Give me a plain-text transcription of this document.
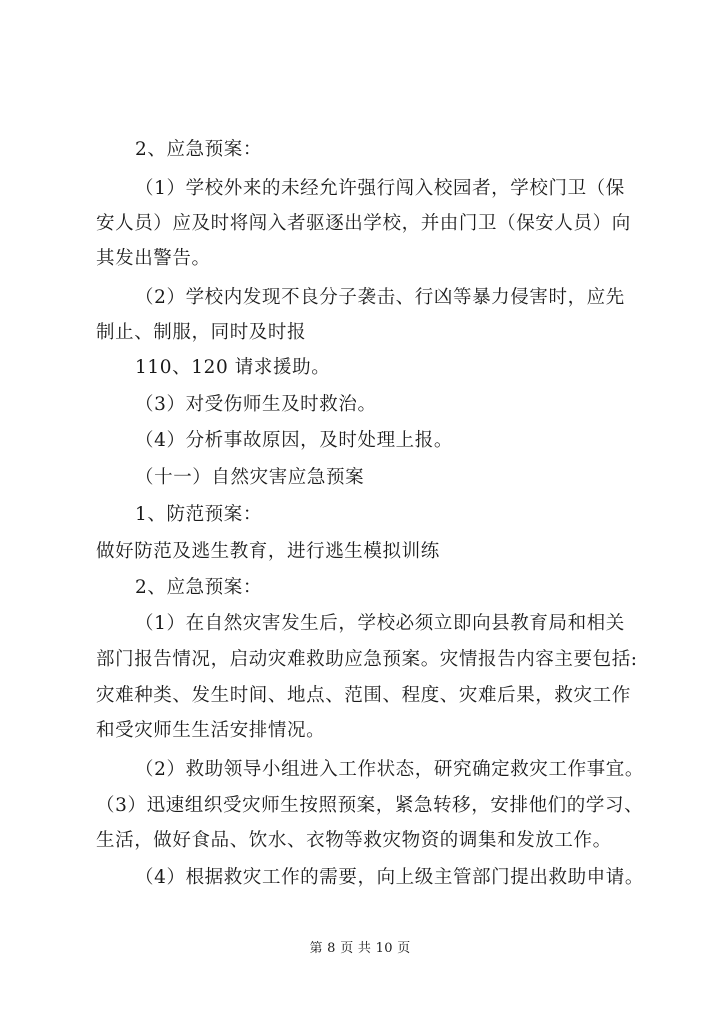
2、应急预案：
（1）学校外来的未经允许强行闯入校园者，学校门卫（保
安人员）应及时将闯入者驱逐出学校，并由门卫（保安人员）向
其发出警告。
（2）学校内发现不良分子袭击、行凶等暴力侵害时，应先
制止、制服，同时及时报
110、120 请求援助。
（3）对受伤师生及时救治。
（4）分析事故原因，及时处理上报。
（十一）自然灾害应急预案
1、防范预案：
做好防范及逃生教育，进行逃生模拟训练
2、应急预案：
（1）在自然灾害发生后，学校必须立即向县教育局和相关
部门报告情况，启动灾难救助应急预案。灾情报告内容主要包括:
灾难种类、发生时间、地点、范围、程度、灾难后果，救灾工作
和受灾师生生活安排情况。
（2）救助领导小组进入工作状态，研究确定救灾工作事宜。
（3）迅速组织受灾师生按照预案，紧急转移，安排他们的学习、
生活，做好食品、饮水、衣物等救灾物资的调集和发放工作。
（4）根据救灾工作的需要，向上级主管部门提出救助申请。
第 8 页 共 10 页
